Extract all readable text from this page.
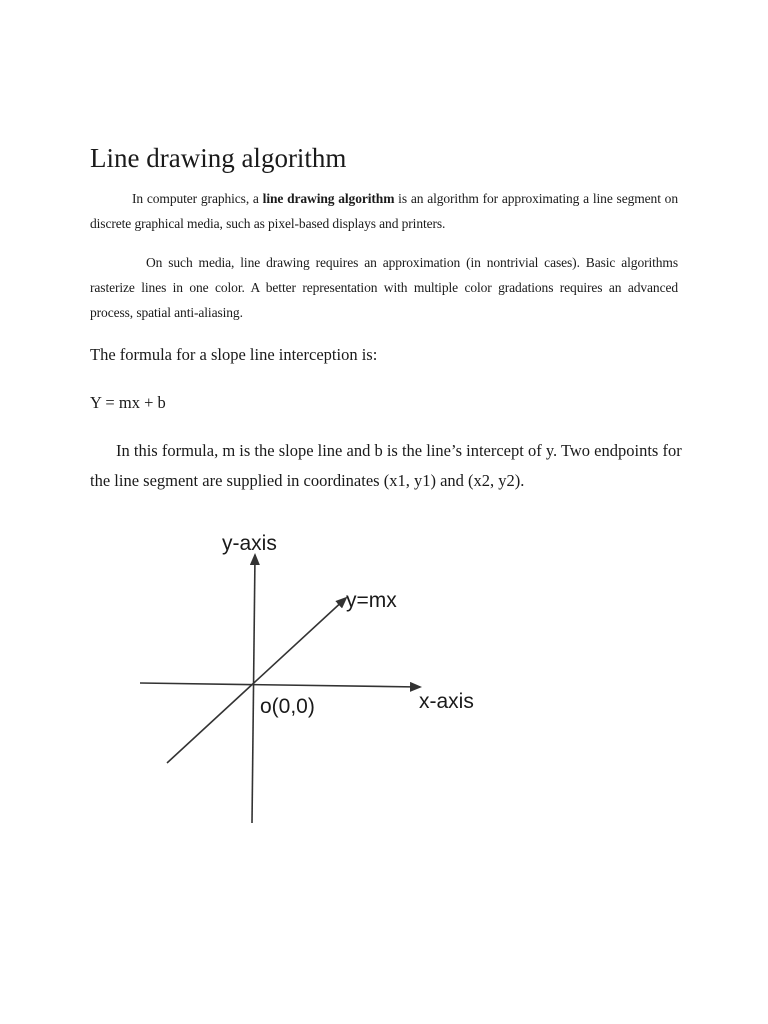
Line drawing algorithm

In computer graphics, a line drawing algorithm is an algorithm for approximating a line segment on discrete graphical media, such as pixel-based displays and printers.

On such media, line drawing requires an approximation (in nontrivial cases). Basic algorithms rasterize lines in one color. A better representation with multiple color gradations requires an advanced process, spatial anti-aliasing.

The formula for a slope line interception is:

Y = mx + b

In this formula, m is the slope line and b is the line’s intercept of y. Two endpoints for the line segment are supplied in coordinates (x1, y1) and (x2, y2).

y-axis
y=mx
o(0,0)	x-axis
